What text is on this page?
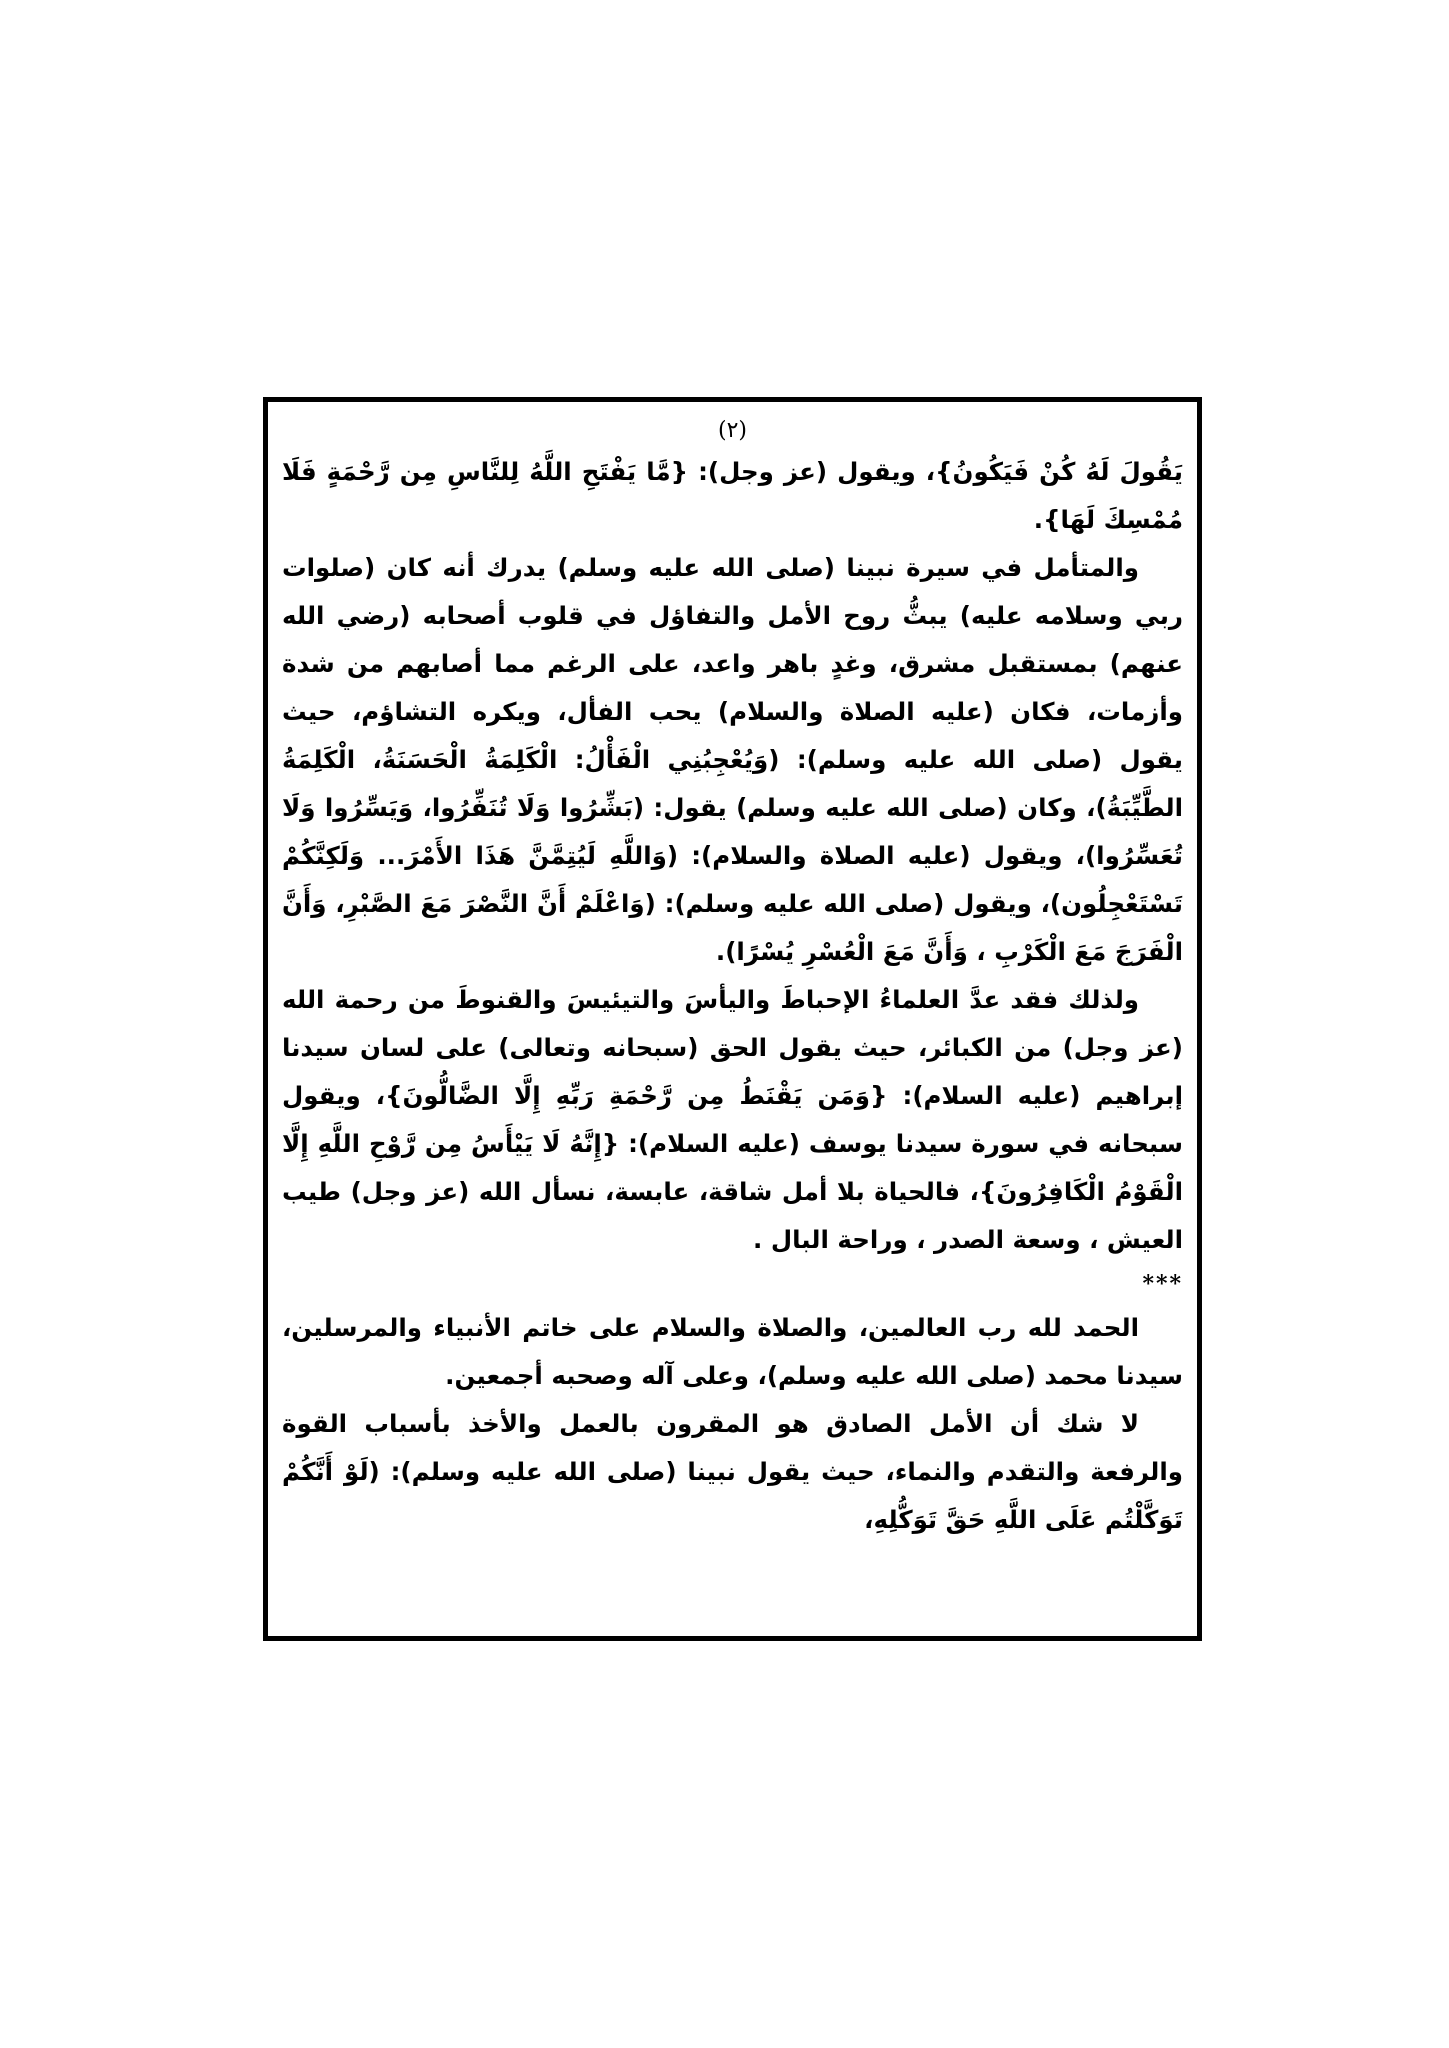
(٢)

يَقُولَ لَهُ كُنْ فَيَكُونُ}، ويقول (عز وجل): {مَّا يَفْتَحِ اللَّهُ لِلنَّاسِ مِن رَّحْمَةٍ فَلَا مُمْسِكَ لَهَا}.

والمتأمل في سيرة نبينا (صلى الله عليه وسلم) يدرك أنه كان (صلوات ربي وسلامه عليه) يبثُّ روح الأمل والتفاؤل في قلوب أصحابه (رضي الله عنهم) بمستقبل مشرق، وغدٍ باهر واعد، على الرغم مما أصابهم من شدة وأزمات، فكان (عليه الصلاة والسلام) يحب الفأل، ويكره التشاؤم، حيث يقول (صلى الله عليه وسلم): (وَيُعْجِبُنِي الْفَأْلُ: الْكَلِمَةُ الْحَسَنَةُ، الْكَلِمَةُ الطَّيِّبَةُ)، وكان (صلى الله عليه وسلم) يقول: (بَشِّرُوا وَلَا تُنَفِّرُوا، وَيَسِّرُوا وَلَا تُعَسِّرُوا)، ويقول (عليه الصلاة والسلام): (وَاللَّهِ لَيُتِمَّنَّ هَذَا الأَمْرَ... وَلَكِنَّكُمْ تَسْتَعْجِلُون)، ويقول (صلى الله عليه وسلم): (وَاعْلَمْ أَنَّ النَّصْرَ مَعَ الصَّبْرِ، وَأَنَّ الْفَرَجَ مَعَ الْكَرْبِ ، وَأَنَّ مَعَ الْعُسْرِ يُسْرًا).

ولذلك فقد عدَّ العلماءُ الإحباطَ واليأسَ والتيئيسَ والقنوطَ من رحمة الله (عز وجل) من الكبائر، حيث يقول الحق (سبحانه وتعالى) على لسان سيدنا إبراهيم (عليه السلام): {وَمَن يَقْنَطُ مِن رَّحْمَةِ رَبِّهِ إِلَّا الضَّالُّونَ}، ويقول سبحانه في سورة سيدنا يوسف (عليه السلام): {إِنَّهُ لَا يَيْأَسُ مِن رَّوْحِ اللَّهِ إِلَّا الْقَوْمُ الْكَافِرُونَ}، فالحياة بلا أمل شاقة، عابسة، نسأل الله (عز وجل) طيب العيش ، وسعة الصدر ، وراحة البال .

***

الحمد لله رب العالمين، والصلاة والسلام على خاتم الأنبياء والمرسلين، سيدنا محمد (صلى الله عليه وسلم)، وعلى آله وصحبه أجمعين.

لا شك أن الأمل الصادق هو المقرون بالعمل والأخذ بأسباب القوة والرفعة والتقدم والنماء، حيث يقول نبينا (صلى الله عليه وسلم): (لَوْ أَنَّكُمْ تَوَكَّلْتُم عَلَى اللَّهِ حَقَّ تَوَكُّلِهِ،
